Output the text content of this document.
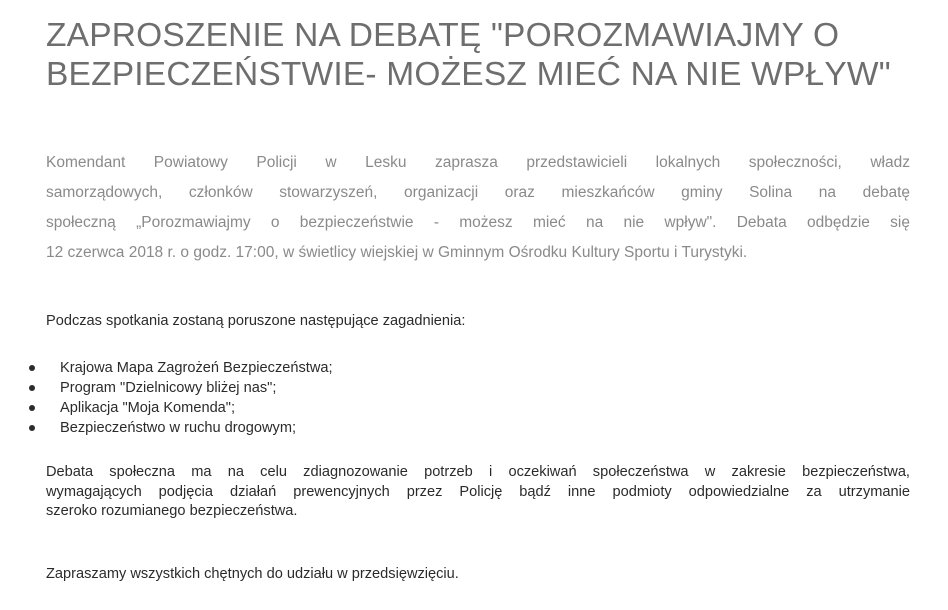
ZAPROSZENIE NA DEBATĘ "POROZMAWIAJMY O
BEZPIECZEŃSTWIE- MOŻESZ MIEĆ NA NIE WPŁYW"
Komendant Powiatowy Policji w Lesku zaprasza przedstawicieli lokalnych społeczności, władz
samorządowych, członków stowarzyszeń, organizacji oraz mieszkańców gminy Solina na debatę
społeczną „Porozmawiajmy o bezpieczeństwie - możesz mieć na nie wpływ". Debata odbędzie się
12 czerwca 2018 r. o godz. 17:00, w świetlicy wiejskiej w Gminnym Ośrodku Kultury Sportu i Turystyki.

Podczas spotkania zostaną poruszone następujące zagadnienia:

Krajowa Mapa Zagrożeń Bezpieczeństwa;
Program "Dzielnicowy bliżej nas";
Aplikacja "Moja Komenda";
Bezpieczeństwo w ruchu drogowym;
Debata społeczna ma na celu zdiagnozowanie potrzeb i oczekiwań społeczeństwa w zakresie bezpieczeństwa,
wymagających podjęcia działań prewencyjnych przez Policję bądź inne podmioty odpowiedzialne za utrzymanie
szeroko rozumianego bezpieczeństwa.

Zapraszamy wszystkich chętnych do udziału w przedsięwzięciu.
